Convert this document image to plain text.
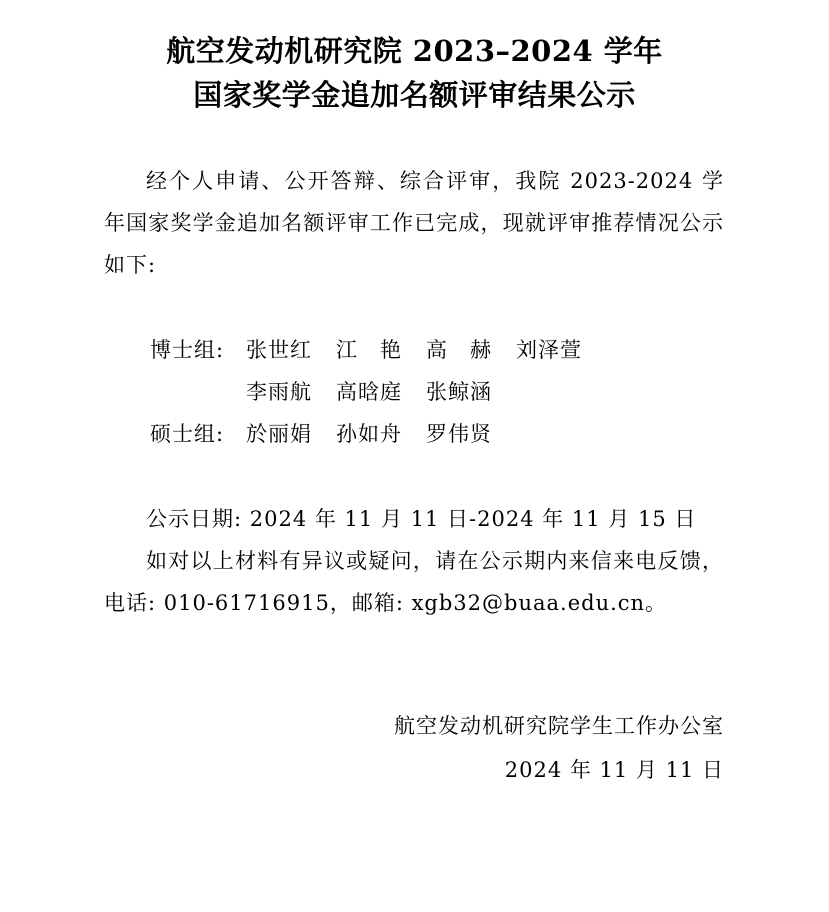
航空发动机研究院 2023–2024 学年
国家奖学金追加名额评审结果公示

经个人申请、公开答辩、综合评审，我院 2023-2024 学年国家奖学金追加名额评审工作已完成，现就评审推荐情况公示如下:

博士组: 张世红 江　艳 高　赫 刘泽萱
李雨航 高晗庭 张鲸涵
硕士组: 於丽娟 孙如舟 罗伟贤

公示日期: 2024 年 11 月 11 日-2024 年 11 月 15 日

如对以上材料有异议或疑问，请在公示期内来信来电反馈，电话: 010-61716915，邮箱: xgb32@buaa.edu.cn。

航空发动机研究院学生工作办公室
2024 年 11 月 11 日
